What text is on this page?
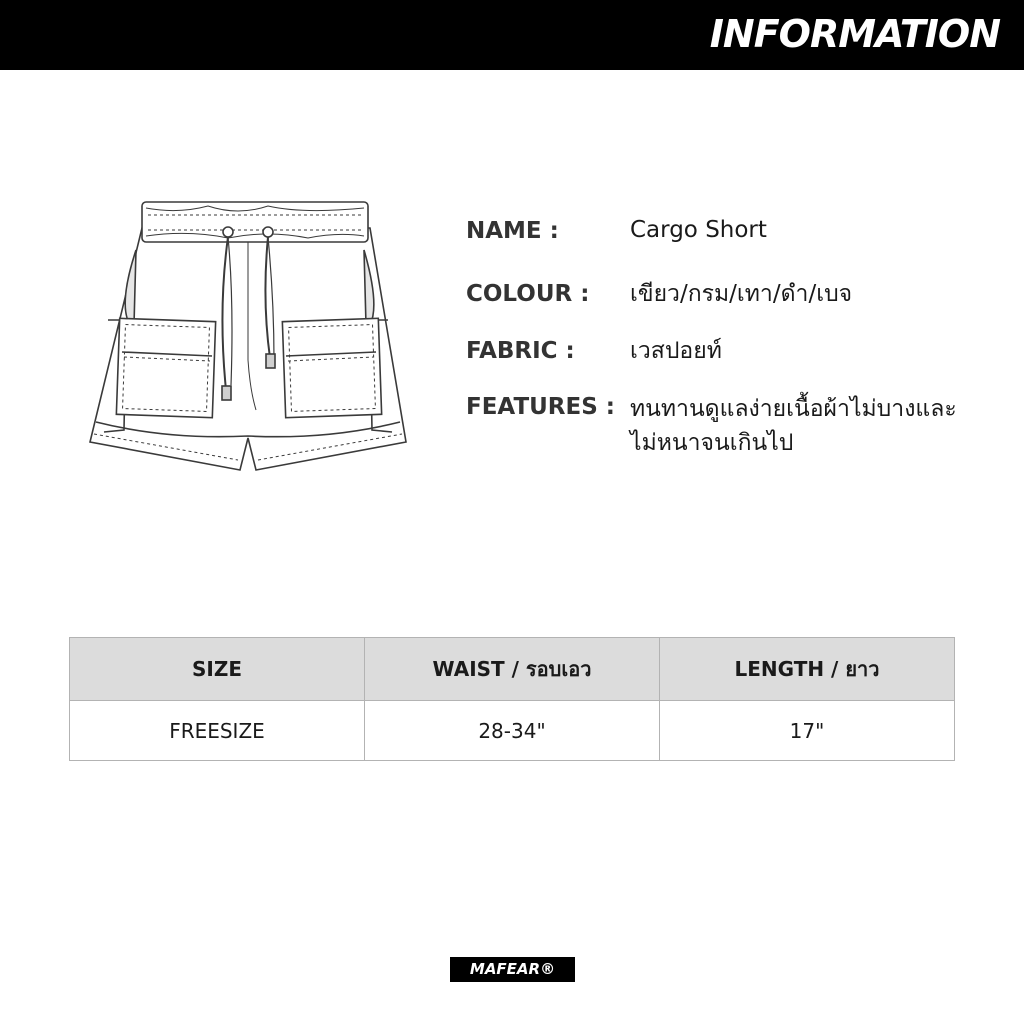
INFORMATION
NAME :	Cargo Short
COLOUR : เขียว/กรม/เทา/ดำ/เบจ
FABRIC : เวสปอยท์
FEATURES : ทนทานดูแลง่ายเนื้อผ้าไม่บางและ
ไม่หนาจนเกินไป
SIZE	WAIST / รอบเอว	LENGTH / ยาว
FREESIZE	28-34"	17"
MAFEAR®
